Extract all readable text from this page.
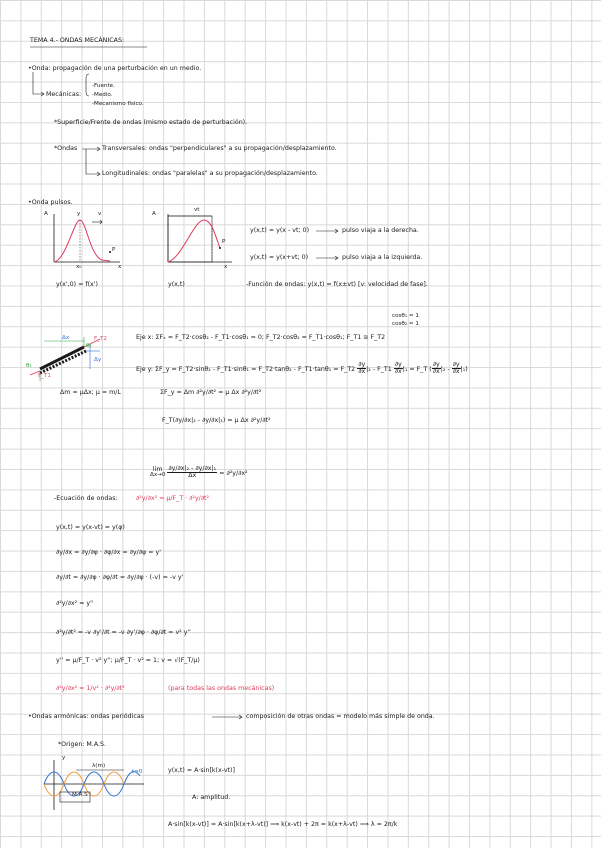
TEMA 4.- ONDAS MECÁNICAS:
•Onda: propagación de una perturbación en un medio.
Mecánicas:
-Fuente.
-Medio.
-Mecanismo físico.
*Superficie/Frente de ondas (mismo estado de perturbación).
*Ondas	Transversales: ondas "perpendiculares" a su propagación/desplazamiento.
Longitudinales: ondas "paralelas" a su propagación/desplazamiento.
•Onda pulsos.
A	y	v
P
x₀	x
y(x',0) = f(x')
A
vt
P
x
y(x,t)
y(x,t) = y(x - vt; 0)	pulso viaja a la derecha.
y(x,t) = y(x+vt; 0)	pulso viaja a la izquierda.
-Función de ondas: y(x,t) = f(x±vt) [v: velocidad de fase].
F_T2
F_T1
θ₂
θ₁
Δx
Δy
cosθ₁ ≈ 1
cosθ₂ ≈ 1
Eje x: ΣFₓ = F_T2·cosθ₂ - F_T1·cosθ₁ = 0; F_T2·cosθ₂ = F_T1·cosθ₁; F_T1 ≅ F_T2
Eje y: ΣF_y = F_T2·sinθ₂ - F_T1·sinθ₁ = F_T2·tanθ₂ - F_T1·tanθ₁ = F_T2 $\frac{\partial y}{\partial x} |_2$ - F_T1 $\frac{\partial y}{\partial x} |_1$ = F_T ( $\frac{\partial y}{\partial x} |_2 - \frac{\partial y}{\partial x} |_1$)
Δm = μΔx; μ = m/L	ΣF_y = Δm ∂²y/∂t² = μ Δx ∂²y/∂t²
F_T(∂y/∂x|₂ - ∂y/∂x|₁) = μ Δx ∂²y/∂t²
lim
Δx→0
$\frac{\text{∂y/∂x|₂ - ∂y/∂x|₁}}{\Delta x} = \partial^2y/\partial x^2$
-Ecuación de ondas:	∂²y/∂x² = μ/F_T · ∂²y/∂t²
y(x,t) = y(x-vt) = y(φ)
∂y/∂x = ∂y/∂φ · ∂φ/∂x = ∂y/∂φ = y'
∂y/∂t = ∂y/∂φ · ∂φ/∂t = ∂y/∂φ · (-v) = -v y'
∂²y/∂x² = y''
∂²y/∂t² = -v ∂y'/∂t = -v ∂y'/∂φ · ∂φ/∂t = v² y''
y'' = μ/F_T · v² y''; μ/F_T · v² = 1; v = √(F_T/μ)
∂²y/∂x² = 1/v² · ∂²y/∂t²	(para todas las ondas mecánicas)
•Ondas armónicas: ondas periódicas	composición de otras ondas = modelo más simple de onda.
*Origen: M.A.S.
y
λ(m)
t=0
M.A.S
y(x,t) = A·sin[k(x-vt)]
A: amplitud.
A·sin[k(x-vt)] = A·sin[k(x+λ-vt)] ⟹ k(x-vt) + 2π = k(x+λ-vt) ⟹ λ = 2π/k
